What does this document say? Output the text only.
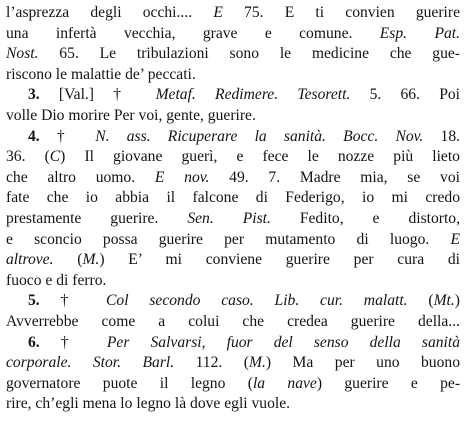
l’asprezza degli occhi.... E 75. E ti convien guerire
una infertà vecchia, grave e comune. Esp. Pat.
Nost. 65. Le tribulazioni sono le medicine che gue-
riscono le malattie de’ peccati.
3. [Val.] † Metaf. Redimere. Tesorett. 5. 66. Poi
volle Dio morire Per voi, gente, guerire.
4. † N. ass. Ricuperare la sanità. Bocc. Nov. 18.
36. (C) Il giovane guerì, e fece le nozze più lieto
che altro uomo. E nov. 49. 7. Madre mia, se voi
fate che io abbia il falcone di Federigo, io mi credo
prestamente guerire. Sen. Pist. Fedito, e distorto,
e sconcio possa guerire per mutamento di luogo. E
altrove. (M.) E’ mi conviene guerire per cura di
fuoco e di ferro.
5. † Col secondo caso. Lib. cur. malatt. (Mt.)
Avverrebbe come a colui che credea guerire della...
6. † Per Salvarsi, fuor del senso della sanità
corporale. Stor. Barl. 112. (M.) Ma per uno buono
governatore puote il legno (la nave) guerire e pe-
rire, ch’egli mena lo legno là dove egli vuole.
